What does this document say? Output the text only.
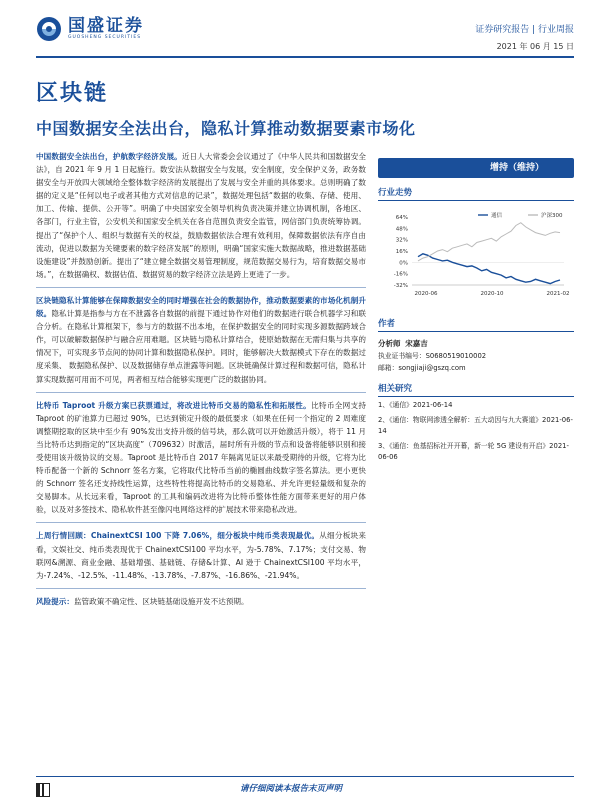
国盛证券
GUOSHENG SECURITIES
证券研究报告 | 行业周报
2021 年 06 月 15 日
区块链
中国数据安全法出台，隐私计算推动数据要素市场化

中国数据安全法出台，护航数字经济发展。近日人大常委会会议通过了《中华人民共和国数据安全法》，自 2021 年 9 月 1 日起施行。数安法从数据安全与发展，安全制度，安全保护义务，政务数据安全与开放四大领域给全整体数字经济的发展提出了发展与安全并重的具体要求。总则明确了数据的定义是“任何以电子或者其他方式对信息的记录”，数据处理包括“数据的收集、存储、使用、加工、传输、提供、公开等”。明确了中央国家安全领导机构负责决策并建立协调机制，各地区、各部门，行业主管，公安机关和国家安全机关在各自范围负责安全监管，网信部门负责统筹协调。提出了“保护个人、组织与数据有关的权益，鼓励数据依法合理有效利用，保障数据依法有序自由流动，促进以数据为关键要素的数字经济发展”的原则，明确“国家实施大数据战略，推进数据基础设施建设”并鼓励创新。提出了“建立健全数据交易管理制度，规范数据交易行为，培育数据交易市场。”，在数据确权、数据估值、数据贸易的数字经济立法是跨上更进了一步。

区块链隐私计算能够在保障数据安全的同时增强在社会的数据协作，推动数据要素的市场化机制升级。隐私计算是指参与方在不泄露各自数据的前提下通过协作对他们的数据进行联合机器学习和联合分析。在隐私计算框架下，参与方的数据不出本地，在保护数据安全的同时实现多源数据跨域合作，可以破解数据保护与融合应用难题。区块链与隐私计算结合，使原始数据在无需归集与共享的情况下，可实现多节点间的协同计算和数据隐私保护。同时，能够解决大数据模式下存在的数据过度采集、 数据隐私保护、以及数据储存单点泄露等问题。区块链确保计算过程和数据可信，隐私计算实现数据可用而不可见，两者相互结合能够实现更广泛的数据协同。

比特币 Taproot 升级方案已获票通过，将改进比特币交易的隐私性和拓展性。比特币全网支持 Taproot 的矿池算力已超过 90%，已达到锁定升级的最低要求（如果在任何一个指定的 2 周难度调整期挖取的区块中至少有 90%发出支持升级的信号块，那么就可以开始激活升级），将于 11 月当比特币达到指定的“区块高度”（709632）时激活，届时所有升级的节点和设备将能够识别和接受使用该升级协议的交易。Taproot 是比特币自 2017 年隔离见证以来最受期待的升级，它将为比特币配备一个新的 Schnorr 签名方案，它将取代比特币当前的椭圆曲线数字签名算法。更小更快的 Schnorr 签名还支持线性运算，这些特性将提高比特币的交易隐私、并允许更轻量级和复杂的交易脚本。从长远来看，Taproot 的工具和编码改进将为比特币整体性能方面带来更好的用户体验，以及对多签技术、隐私软件甚至像闪电网络这样的扩展技术带来隐私改进。

上周行情回顾：ChainextCSI 100 下降 7.06%，细分板块中纯币类表现最优。从细分板块来看，文娱社交、纯币类表现优于 ChainextCSI100 平均水平，为-5.78%、7.17%；支付交易、物联网&溯源、商业金融、基础增强、基础链、存储&计算、AI 逊于 ChainextCSI100 平均水平，为-7.24%、-12.5%、-11.48%、-13.78%、-7.87%、-16.86%、-21.94%。

风险提示：监管政策不确定性、区块链基础设施开发不达预期。

增持（维持）
行业走势
64%
48%
32%
16%
0%
-16%
-32%
2020-06	2020-10	2021-02
通信	沪深300
作者
分析师 宋嘉吉
执业证书编号：S0680519010002
邮箱：songjiaji@gszq.com
相关研究
1、《通信》2021-06-14
2、《通信：物联网渗透全解析：五大动因与九大赛道》2021-06-14
3、《通信：鱼基招标社开开幕，新一轮 5G 建设有开启》2021-06-06
请仔细阅读本报告末页声明
